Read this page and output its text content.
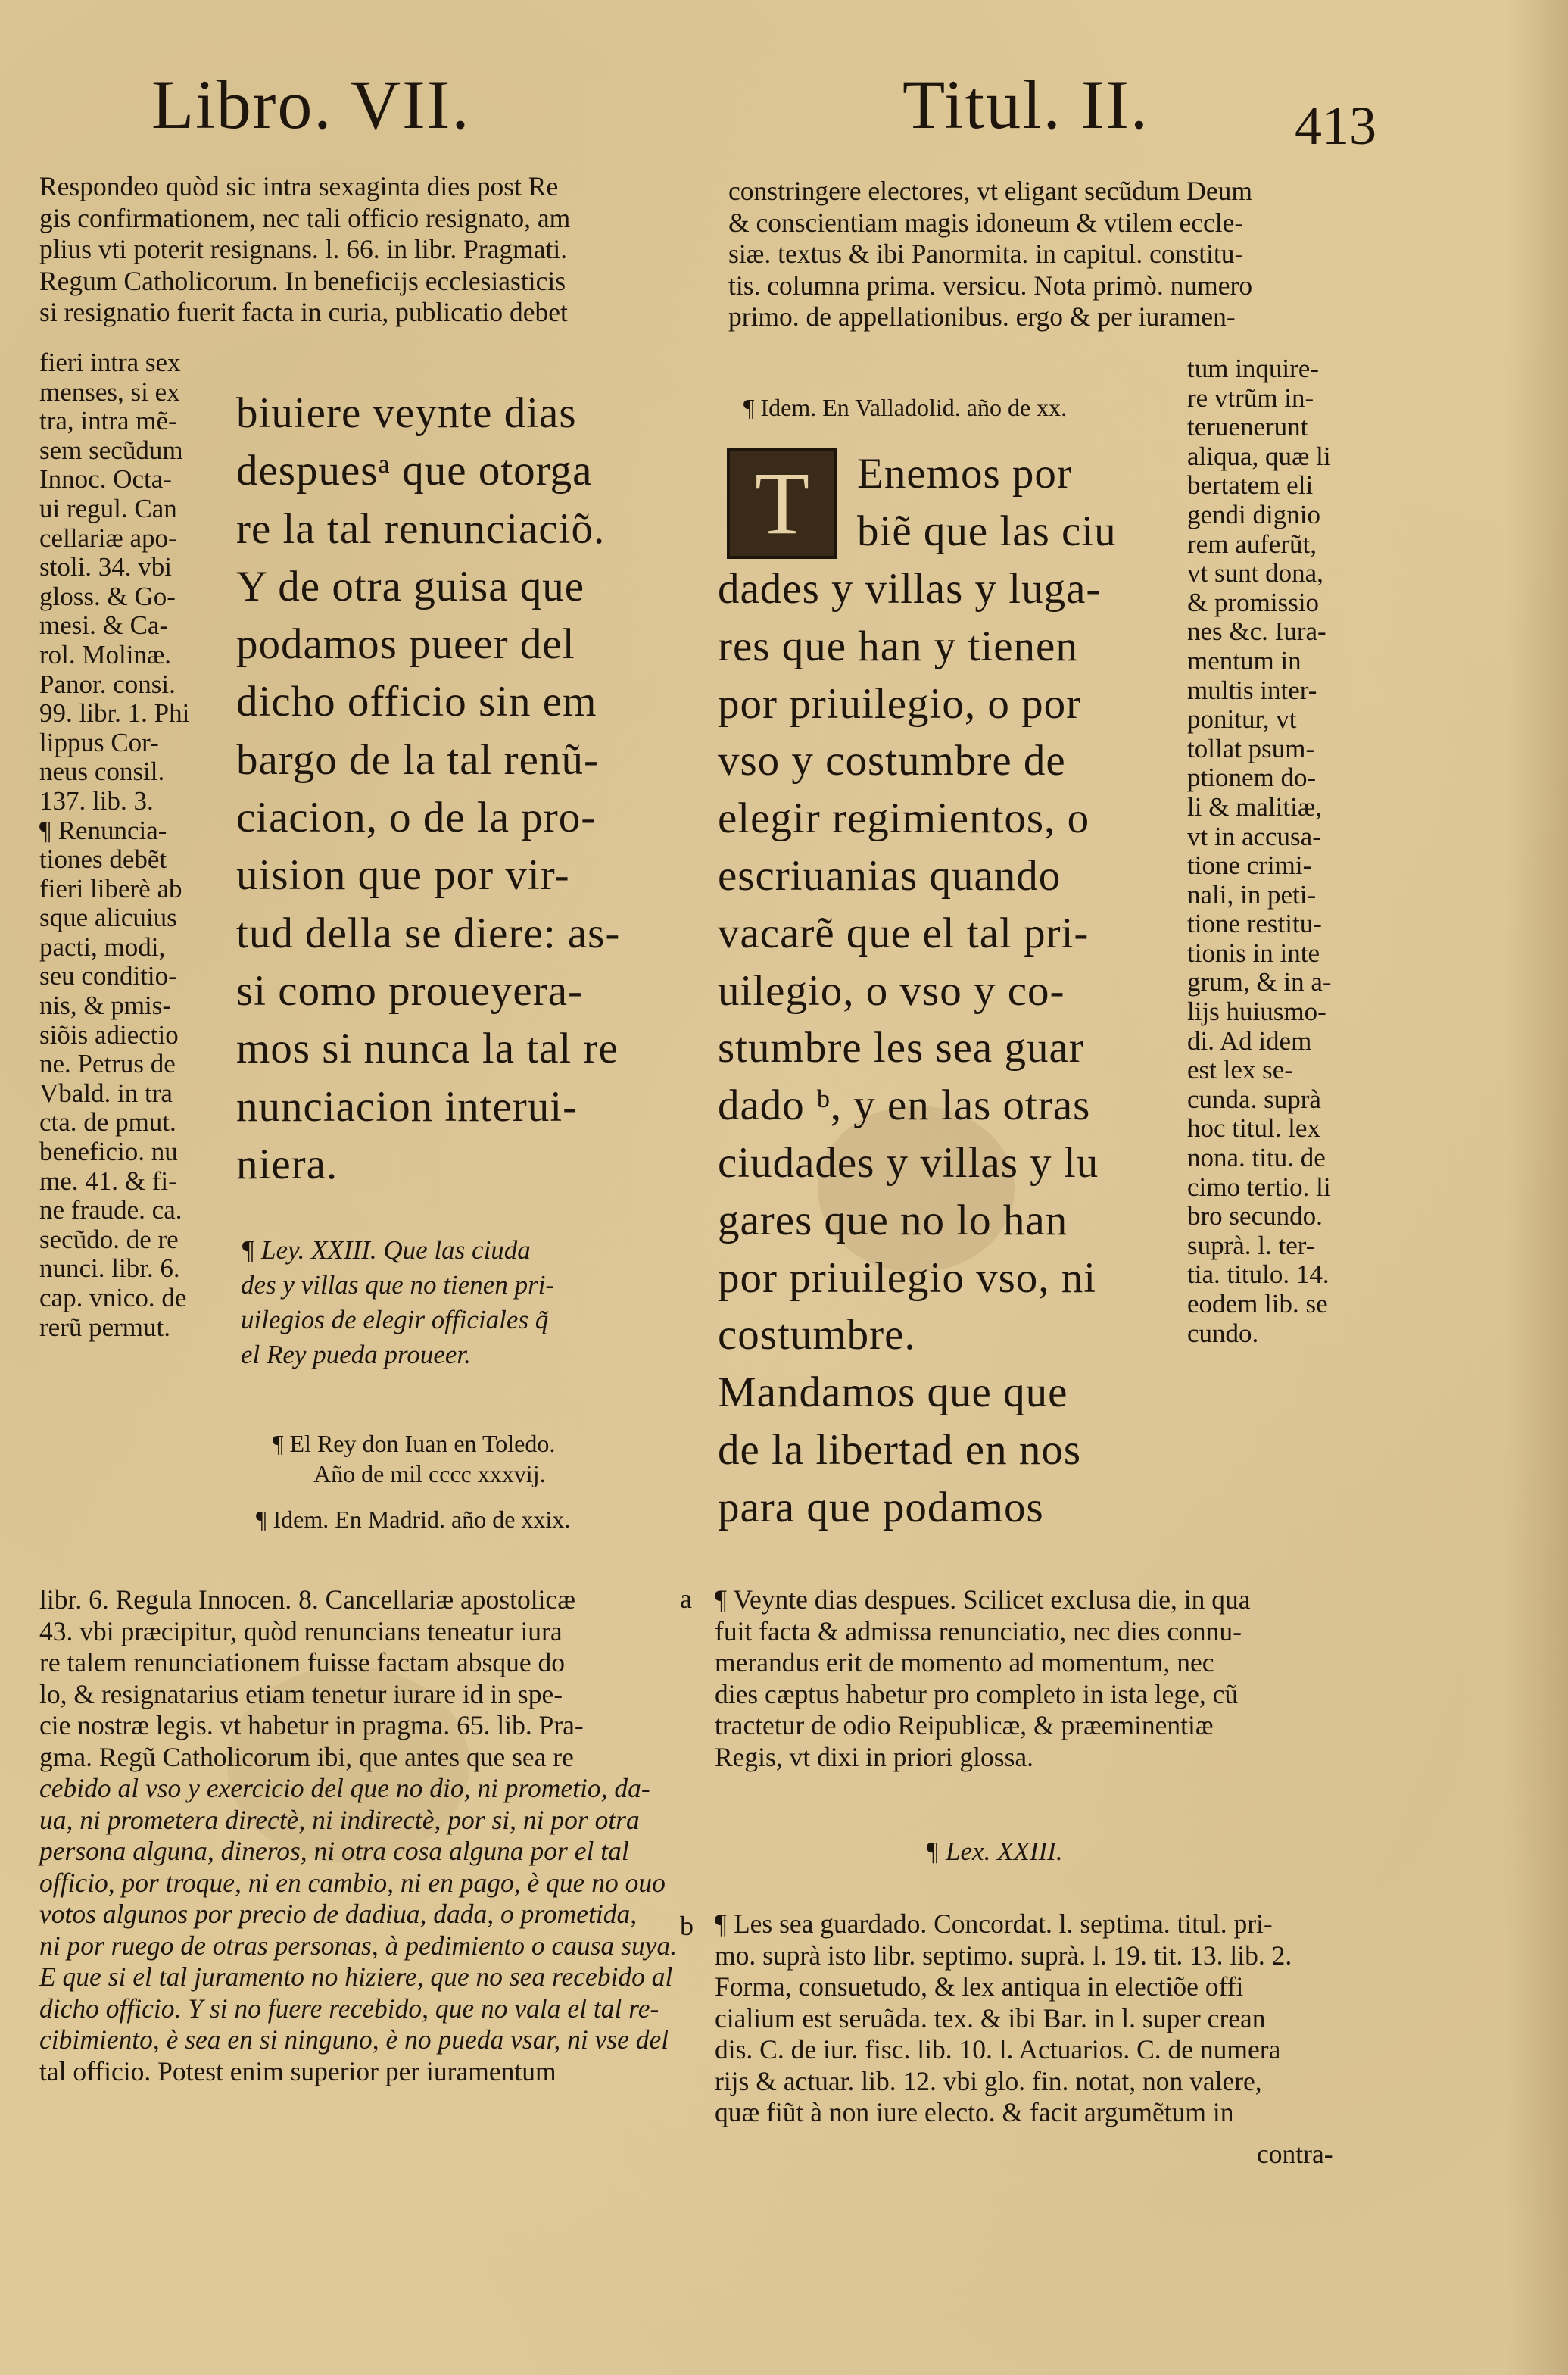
Libro. VII.	Titul. II.	413
Respondeo quòd sic intra sexaginta dies post Re
gis confirmationem, nec tali officio resignato, am
plius vti poterit resignans. l. 66. in libr. Pragmati.
Regum Catholicorum. In beneficijs ecclesiasticis
si resignatio fuerit facta in curia, publicatio debet
fieri intra sex
menses, si ex
tra, intra mẽ-
sem secũdum
Innoc. Octa-
ui regul. Can
cellariæ apo-
stoli. 34. vbi
gloss. & Go-
mesi. & Ca-
rol. Molinæ.
Panor. consi.
99. libr. 1. Phi
lippus Cor-
neus consil.
137. lib. 3.
¶ Renuncia-
tiones debẽt
fieri liberè ab
sque alicuius
pacti, modi,
seu conditio-
nis, & pmis-
siõis adiectio
ne. Petrus de
Vbald. in tra
cta. de pmut.
beneficio. nu
me. 41. & fi-
ne fraude. ca.
secũdo. de re
nunci. libr. 6.
cap. vnico. de
rerũ permut.
biuiere veynte dias
despuesᵃ que otorga
re la tal renunciaciõ.
Y de otra guisa que
podamos pueer del
dicho officio sin em
bargo de la tal renũ-
ciacion, o de la pro-
uision que por vir-
tud della se diere: as-
si como proueyera-
mos si nunca la tal re
nunciacion interui-
niera.
¶ Ley. XXIII. Que las ciuda
des y villas que no tienen pri-
uilegios de elegir officiales q̃
el Rey pueda proueer.
¶ El Rey don Iuan en Toledo.
Año de mil cccc xxxvij.
¶ Idem. En Madrid. año de xxix.
constringere electores, vt eligant secũdum Deum
& conscientiam magis idoneum & vtilem eccle-
siæ. textus & ibi Panormita. in capitul. constitu-
tis. columna prima. versicu. Nota primò. numero
primo. de appellationibus. ergo & per iuramen-
¶ Idem. En Valladolid. año de xx.
T Enemos por
biẽ que las ciu
dades y villas y luga-
res que han y tienen
por priuilegio, o por
vso y costumbre de
elegir regimientos, o
escriuanias quando
vacarẽ que el tal pri-
uilegio, o vso y co-
stumbre les sea guar
dado ᵇ, y en las otras
ciudades y villas y lu
gares que no lo han
por priuilegio vso, ni
costumbre.
Mandamos que que
de la libertad en nos
para que podamos
tum inquire-
re vtrũm in-
teruenerunt
aliqua, quæ li
bertatem eli
gendi dignio
rem auferũt,
vt sunt dona,
& promissio
nes &c. Iura-
mentum in
multis inter-
ponitur, vt
tollat psum-
ptionem do-
li & malitiæ,
vt in accusa-
tione crimi-
nali, in peti-
tione restitu-
tionis in inte
grum, & in a-
lijs huiusmo-
di. Ad idem
est lex se-
cunda. suprà
hoc titul. lex
nona. titu. de
cimo tertio. li
bro secundo.
suprà. l. ter-
tia. titulo. 14.
eodem lib. se
cundo.
libr. 6. Regula Innocen. 8. Cancellariæ apostolicæ
43. vbi præcipitur, quòd renuncians teneatur iura
re talem renunciationem fuisse factam absque do
lo, & resignatarius etiam tenetur iurare id in spe-
cie nostræ legis. vt habetur in pragma. 65. lib. Pra-
gma. Regũ Catholicorum ibi, que antes que sea re
cebido al vso y exercicio del que no dio, ni prometio, da-
ua, ni prometera directè, ni indirectè, por si, ni por otra
persona alguna, dineros, ni otra cosa alguna por el tal
officio, por troque, ni en cambio, ni en pago, è que no ouo
votos algunos por precio de dadiua, dada, o prometida,
ni por ruego de otras personas, à pedimiento o causa suya.
E que si el tal juramento no hiziere, que no sea recebido al
dicho officio. Y si no fuere recebido, que no vala el tal re-
cibimiento, è sea en si ninguno, è no pueda vsar, ni vse del
tal officio. Potest enim superior per iuramentum
a
b
¶ Veynte dias despues. Scilicet exclusa die, in qua
fuit facta & admissa renunciatio, nec dies connu-
merandus erit de momento ad momentum, nec
dies cæptus habetur pro completo in ista lege, cũ
tractetur de odio Reipublicæ, & præeminentiæ
Regis, vt dixi in priori glossa.
¶ Lex. XXIII.
¶ Les sea guardado. Concordat. l. septima. titul. pri-
mo. suprà isto libr. septimo. suprà. l. 19. tit. 13. lib. 2.
Forma, consuetudo, & lex antiqua in electiõe offi
cialium est seruãda. tex. & ibi Bar. in l. super crean
dis. C. de iur. fisc. lib. 10. l. Actuarios. C. de numera
rijs & actuar. lib. 12. vbi glo. fin. notat, non valere,
quæ fiũt à non iure electo. & facit argumẽtum in
contra-
